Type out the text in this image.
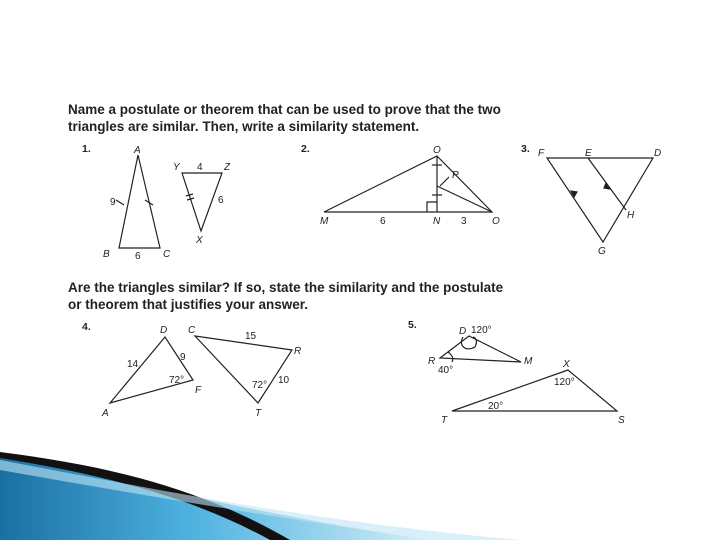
Name a postulate or theorem that can be used to prove that the two
triangles are similar. Then, write a similarity statement.
Are the triangles similar? If so, state the similarity and the postulate
or theorem that justifies your answer.
1.	A
B	C
9
6
Y	Z
X
4
6
2.	O
P
M	N	O
6	3
3. F	E	D
H
G
4.	D
A
F
14
9
72°
C
R
T
15
10
72°
5.
D
R	M
120°
40°
X
T	S
120°
20°
